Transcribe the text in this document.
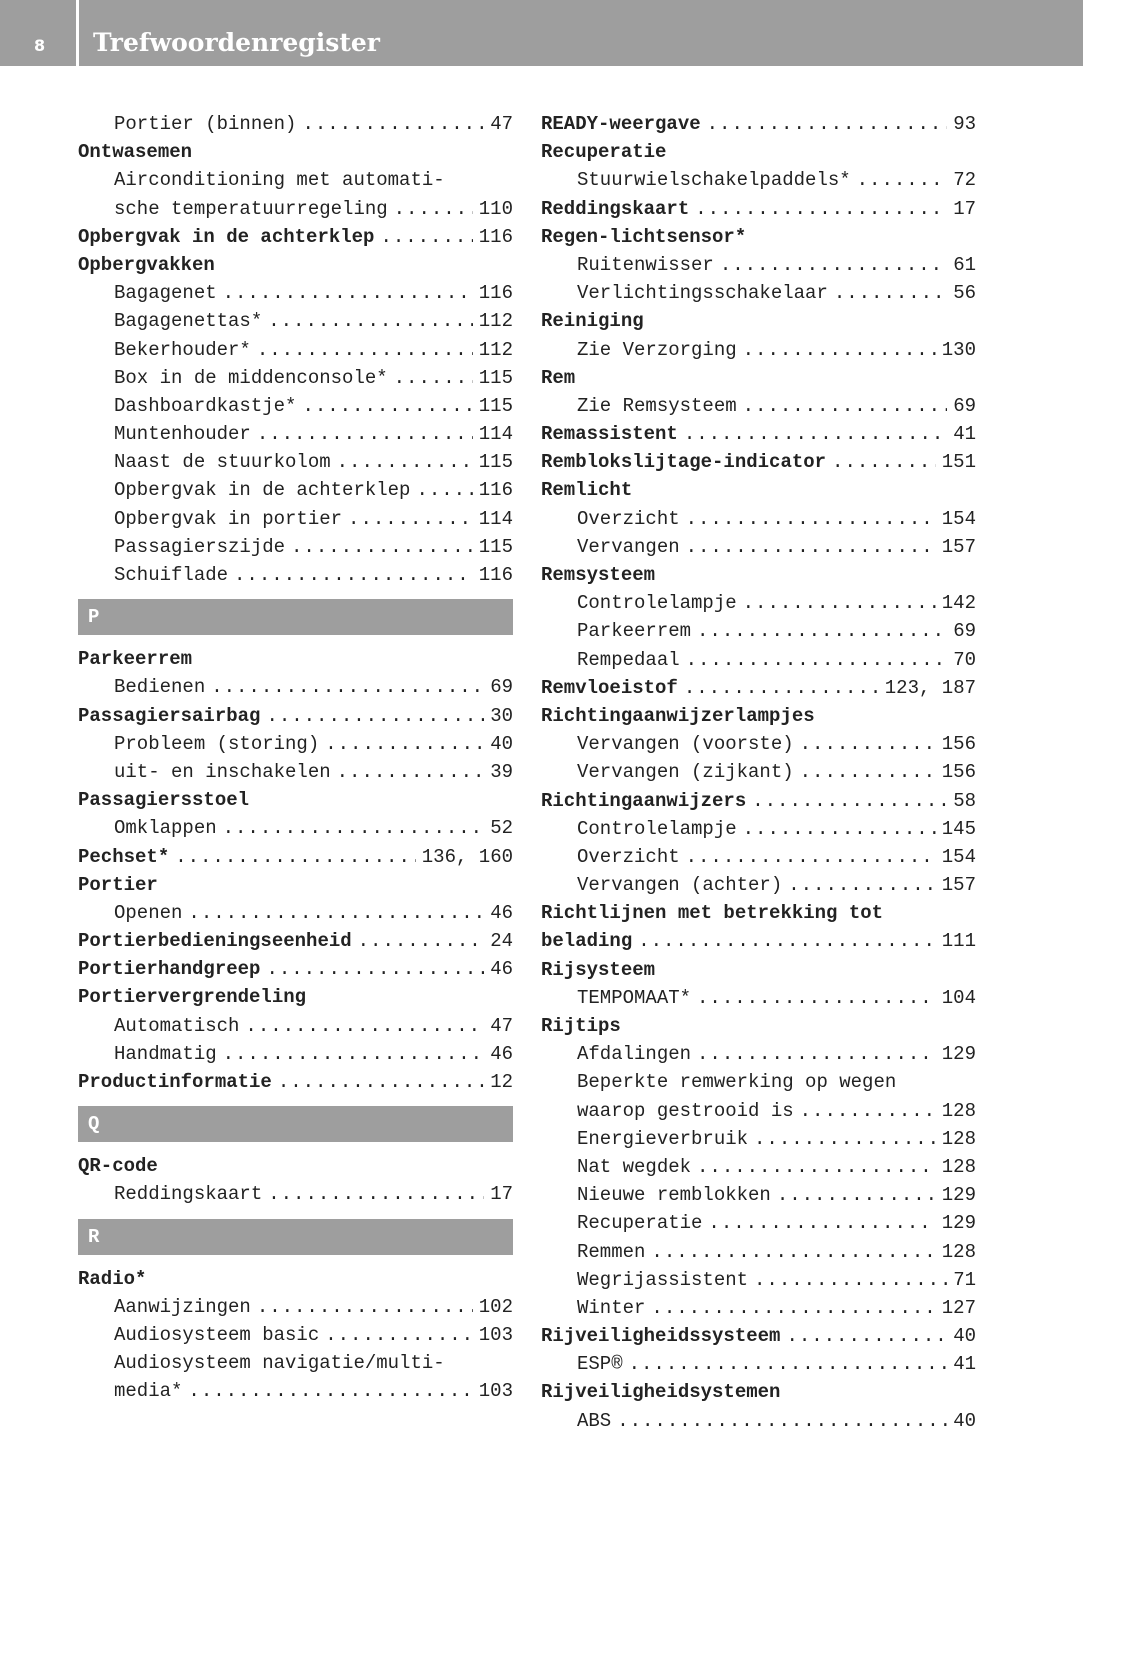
8 Trefwoordenregister
Portier (binnen) .....	47
Ontwasemen
Airconditioning met automati-
sche temperatuurregeling .....	110
Opbergvak in de achterklep .....	116
Opbergvakken
Bagagenet .....	116
Bagagenettas* .....	112
Bekerhouder* .....	112
Box in de middenconsole* .....	115
Dashboardkastje* .....	115
Muntenhouder .....	114
Naast de stuurkolom .....	115
Opbergvak in de achterklep .....	116
Opbergvak in portier .....	114
Passagierszijde .....	115
Schuiflade .....	116
P
Parkeerrem
Bedienen .....	69
Passagiersairbag .....	30
Probleem (storing) .....	40
uit- en inschakelen .....	39
Passagiersstoel
Omklappen .....	52
Pechset* .....	136, 160
Portier
Openen .....	46
Portierbedieningseenheid .....	24
Portierhandgreep .....	46
Portiervergrendeling
Automatisch .....	47
Handmatig .....	46
Productinformatie .....	12
Q
QR-code
Reddingskaart .....	17
R
Radio*
Aanwijzingen .....	102
Audiosysteem basic .....	103
Audiosysteem navigatie/multi-
media* .....	103
READY-weergave .....	93
Recuperatie
Stuurwielschakelpaddels* .....	72
Reddingskaart .....	17
Regen-lichtsensor*
Ruitenwisser .....	61
Verlichtingsschakelaar .....	56
Reiniging
Zie Verzorging .....	130
Rem
Zie Remsysteem .....	69
Remassistent .....	41
Remblokslijtage-indicator .....	151
Remlicht
Overzicht .....	154
Vervangen .....	157
Remsysteem
Controlelampje .....	142
Parkeerrem .....	69
Rempedaal .....	70
Remvloeistof .....	123, 187
Richtingaanwijzerlampjes
Vervangen (voorste) .....	156
Vervangen (zijkant) .....	156
Richtingaanwijzers .....	58
Controlelampje .....	145
Overzicht .....	154
Vervangen (achter) .....	157
Richtlijnen met betrekking tot
belading .....	111
Rijsysteem
TEMPOMAAT* .....	104
Rijtips
Afdalingen .....	129
Beperkte remwerking op wegen
waarop gestrooid is .....	128
Energieverbruik .....	128
Nat wegdek .....	128
Nieuwe remblokken .....	129
Recuperatie .....	129
Remmen .....	128
Wegrijassistent .....	71
Winter .....	127
Rijveiligheidssysteem .....	40
ESP® .....	41
Rijveiligheidsystemen
ABS .....	40
